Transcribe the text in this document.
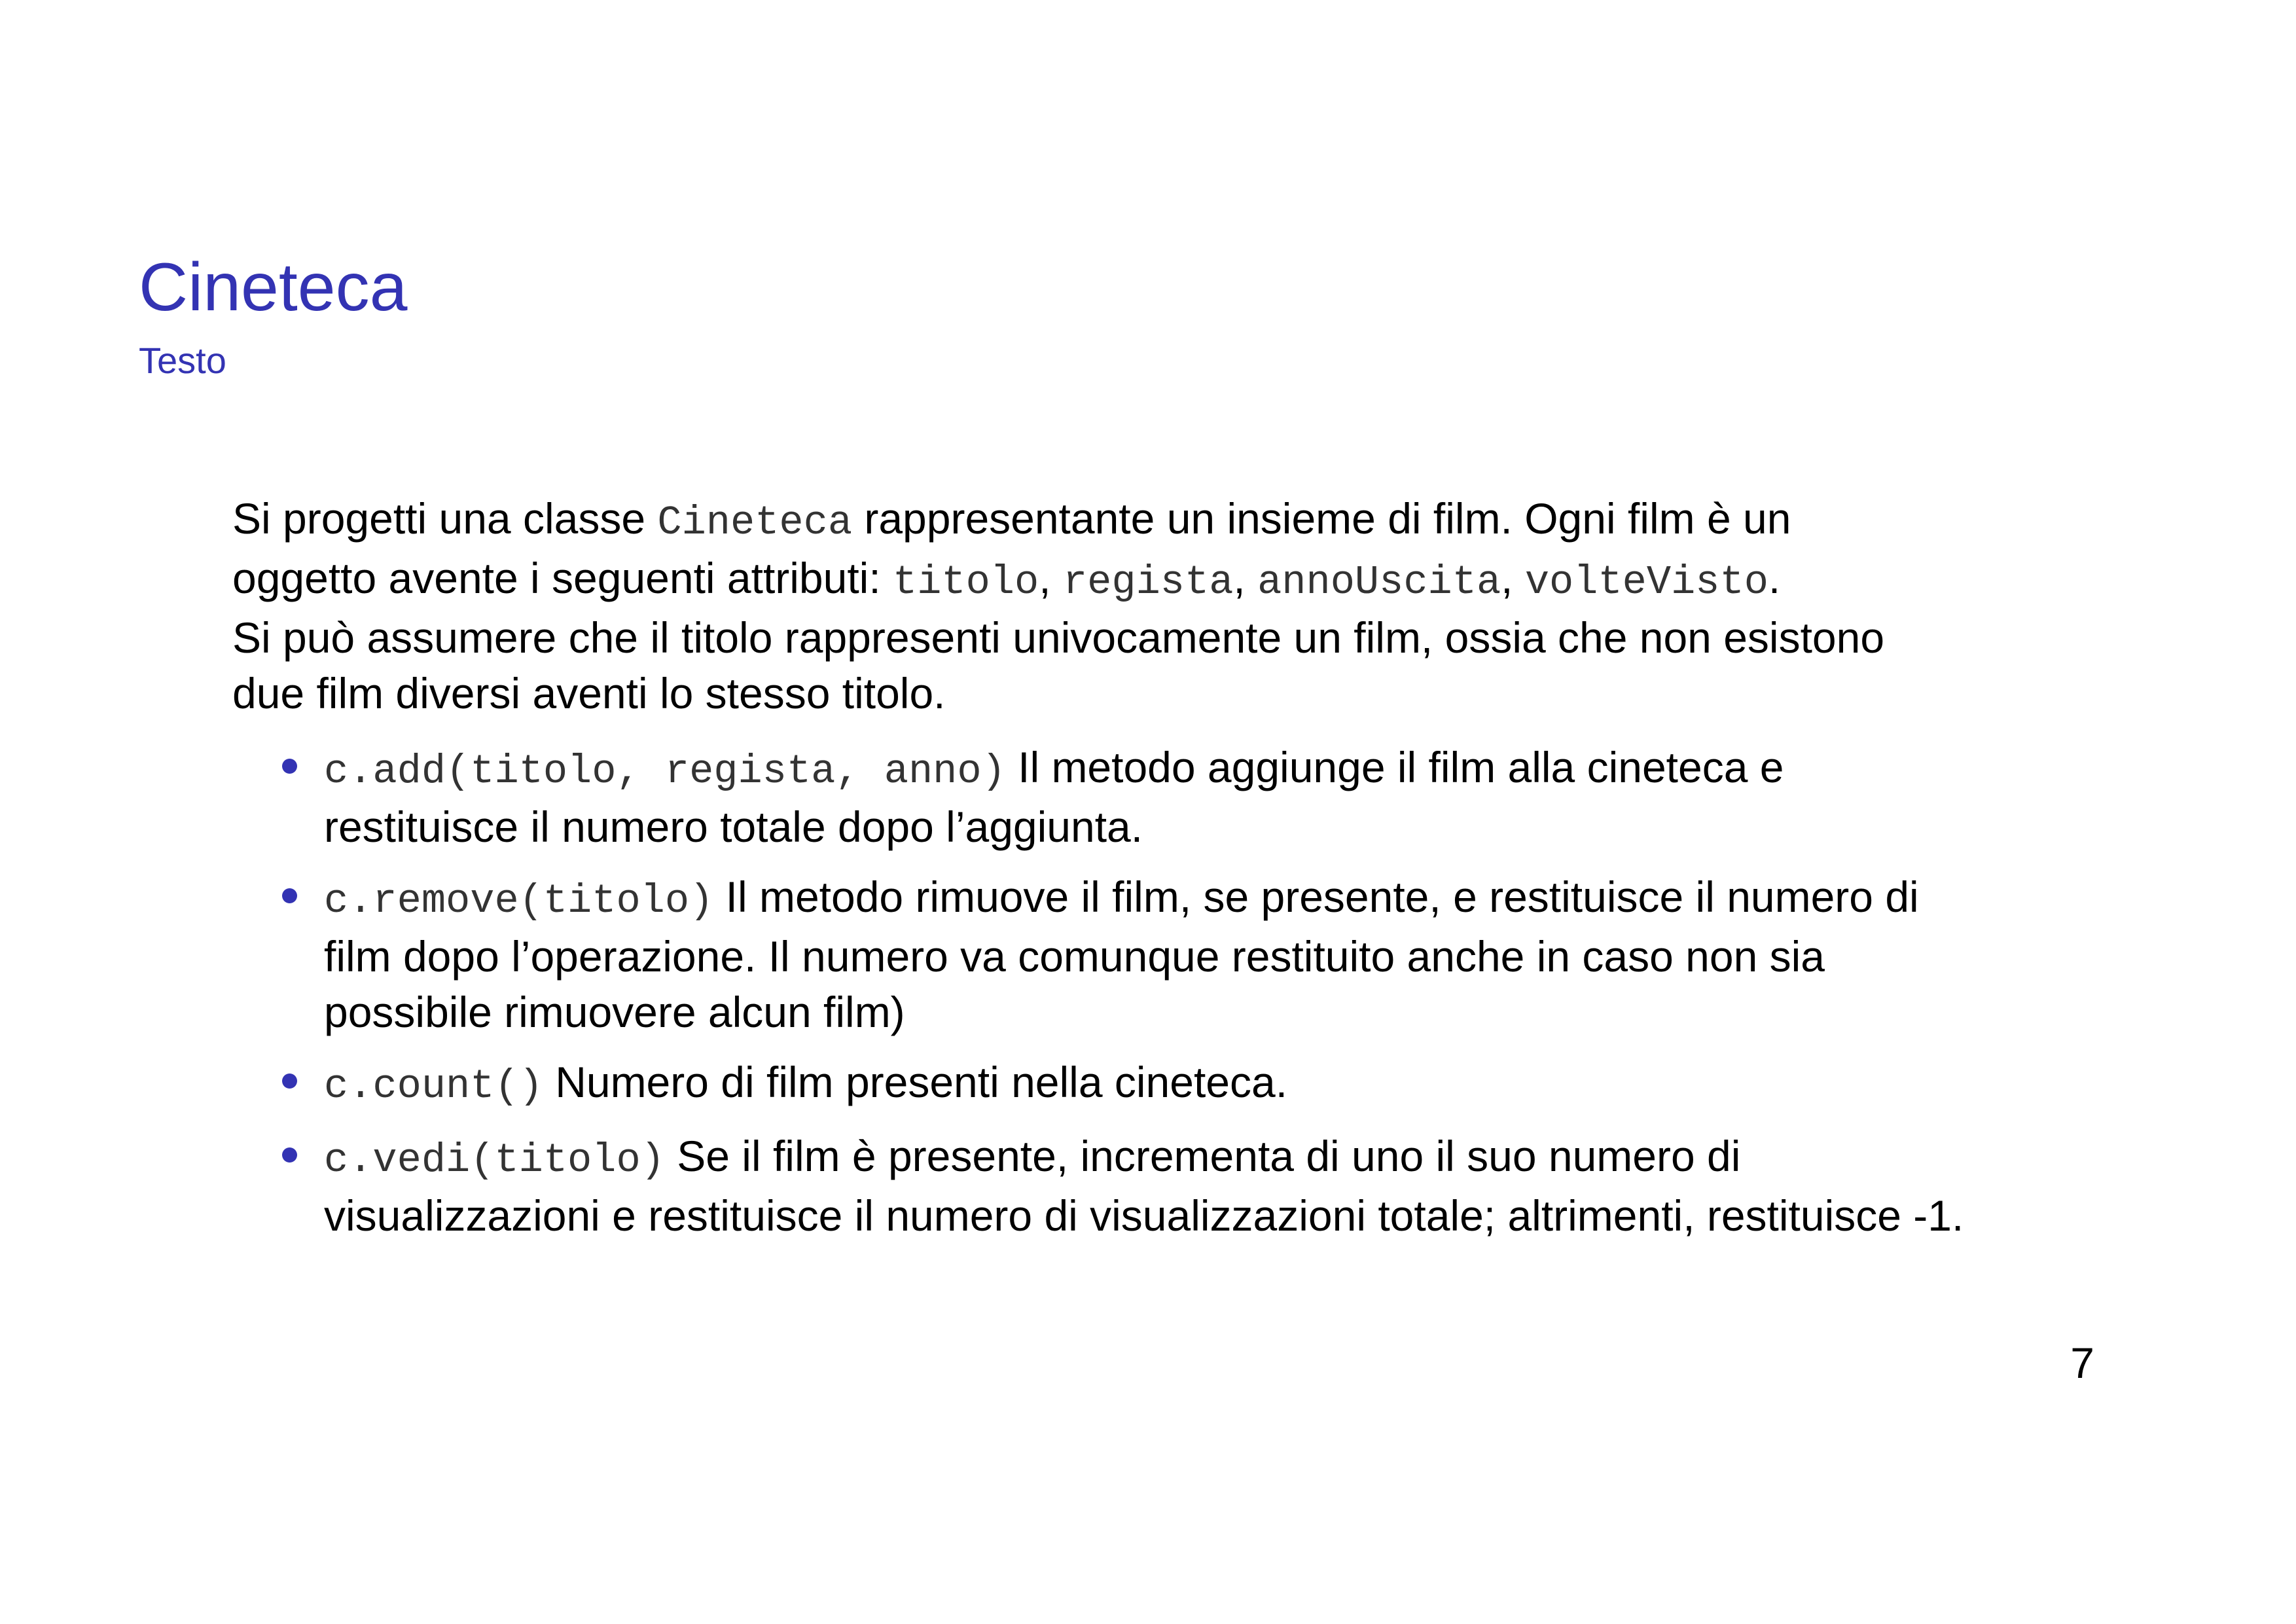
Cineteca
Testo

Si progetti una classe Cineteca rappresentante un insieme di film. Ogni film è un

oggetto avente i seguenti attributi: titolo, regista, annoUscita, volteVisto.

Si può assumere che il titolo rappresenti univocamente un film, ossia che non esistono

due film diversi aventi lo stesso titolo.

c.add(titolo, regista, anno) Il metodo aggiunge il film alla cineteca e
restituisce il numero totale dopo l’aggiunta.
c.remove(titolo) Il metodo rimuove il film, se presente, e restituisce il numero di
film dopo l’operazione. Il numero va comunque restituito anche in caso non sia
possibile rimuovere alcun film)
c.count() Numero di film presenti nella cineteca.
c.vedi(titolo) Se il film è presente, incrementa di uno il suo numero di
visualizzazioni e restituisce il numero di visualizzazioni totale; altrimenti, restituisce -1.
7
